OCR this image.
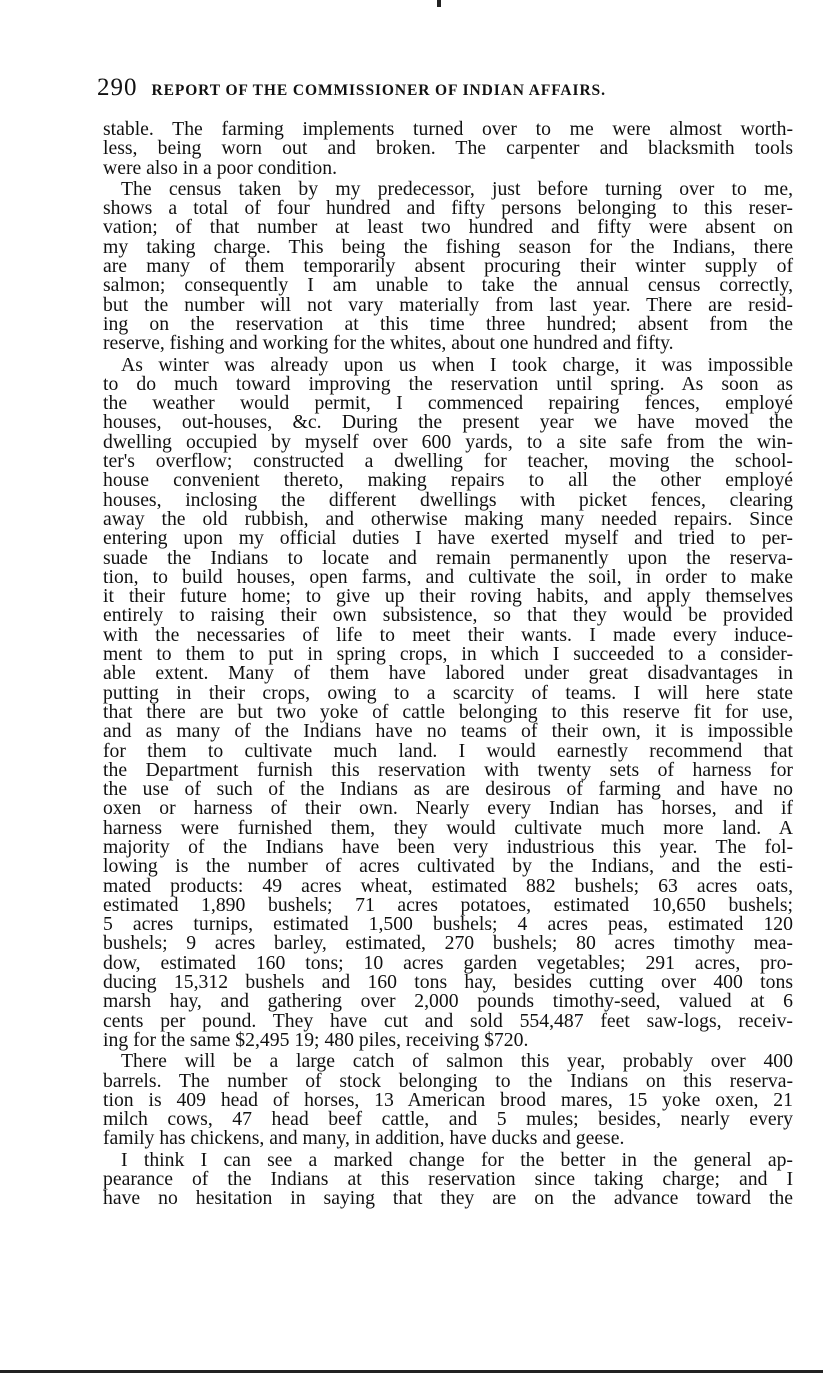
290 REPORT OF THE COMMISSIONER OF INDIAN AFFAIRS.
stable. The farming implements turned over to me were almost worth-
less, being worn out and broken. The carpenter and blacksmith tools
were also in a poor condition.
The census taken by my predecessor, just before turning over to me,
shows a total of four hundred and fifty persons belonging to this reser-
vation; of that number at least two hundred and fifty were absent on
my taking charge. This being the fishing season for the Indians, there
are many of them temporarily absent procuring their winter supply of
salmon; consequently I am unable to take the annual census correctly,
but the number will not vary materially from last year. There are resid-
ing on the reservation at this time three hundred; absent from the
reserve, fishing and working for the whites, about one hundred and fifty.
As winter was already upon us when I took charge, it was impossible
to do much toward improving the reservation until spring. As soon as
the weather would permit, I commenced repairing fences, employé
houses, out-houses, &c. During the present year we have moved the
dwelling occupied by myself over 600 yards, to a site safe from the win-
ter's overflow; constructed a dwelling for teacher, moving the school-
house convenient thereto, making repairs to all the other employé
houses, inclosing the different dwellings with picket fences, clearing
away the old rubbish, and otherwise making many needed repairs. Since
entering upon my official duties I have exerted myself and tried to per-
suade the Indians to locate and remain permanently upon the reserva-
tion, to build houses, open farms, and cultivate the soil, in order to make
it their future home; to give up their roving habits, and apply themselves
entirely to raising their own subsistence, so that they would be provided
with the necessaries of life to meet their wants. I made every induce-
ment to them to put in spring crops, in which I succeeded to a consider-
able extent. Many of them have labored under great disadvantages in
putting in their crops, owing to a scarcity of teams. I will here state
that there are but two yoke of cattle belonging to this reserve fit for use,
and as many of the Indians have no teams of their own, it is impossible
for them to cultivate much land. I would earnestly recommend that
the Department furnish this reservation with twenty sets of harness for
the use of such of the Indians as are desirous of farming and have no
oxen or harness of their own. Nearly every Indian has horses, and if
harness were furnished them, they would cultivate much more land. A
majority of the Indians have been very industrious this year. The fol-
lowing is the number of acres cultivated by the Indians, and the esti-
mated products: 49 acres wheat, estimated 882 bushels; 63 acres oats,
estimated 1,890 bushels; 71 acres potatoes, estimated 10,650 bushels;
5 acres turnips, estimated 1,500 bushels; 4 acres peas, estimated 120
bushels; 9 acres barley, estimated, 270 bushels; 80 acres timothy mea-
dow, estimated 160 tons; 10 acres garden vegetables; 291 acres, pro-
ducing 15,312 bushels and 160 tons hay, besides cutting over 400 tons
marsh hay, and gathering over 2,000 pounds timothy-seed, valued at 6
cents per pound. They have cut and sold 554,487 feet saw-logs, receiv-
ing for the same $2,495 19; 480 piles, receiving $720.
There will be a large catch of salmon this year, probably over 400
barrels. The number of stock belonging to the Indians on this reserva-
tion is 409 head of horses, 13 American brood mares, 15 yoke oxen, 21
milch cows, 47 head beef cattle, and 5 mules; besides, nearly every
family has chickens, and many, in addition, have ducks and geese.
I think I can see a marked change for the better in the general ap-
pearance of the Indians at this reservation since taking charge; and I
have no hesitation in saying that they are on the advance toward the
